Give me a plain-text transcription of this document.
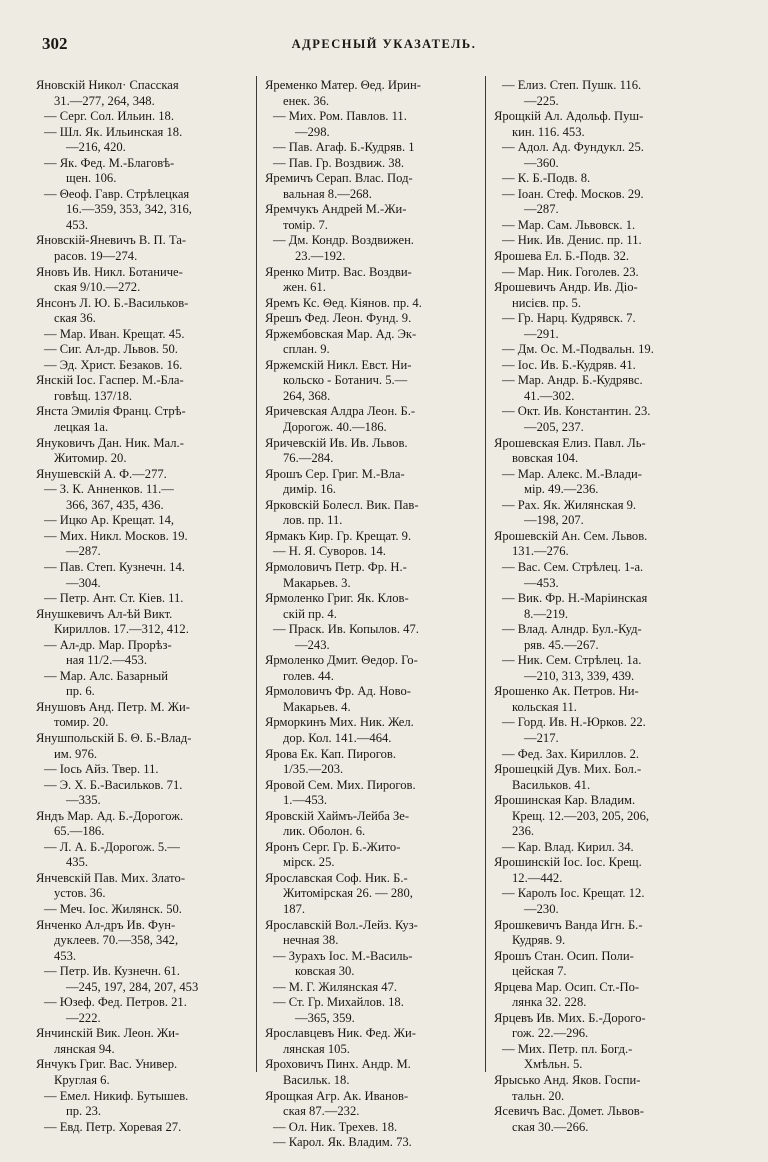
302	АДРЕСНЫЙ УКАЗАТЕЛЬ.

Яновскій Никол· Спасская
31.—277, 264, 348.

— Серг. Сол. Ильин. 18.

— Шл. Як. Ильинская 18.
—216, 420.

— Як. Фед. М.-Благовѣ-
щен. 106.

— Θеоф. Гавр. Стрѣлецкая
16.—359, 353, 342, 316,
453.

Яновскій-Яневичъ В. П. Та-
расов. 19—274.

Яновъ Ив. Никл. Ботаниче-
ская 9/10.—272.

Янсонъ Л. Ю. Б.-Васильков-
ская 36.

— Мар. Иван. Крещат. 45.

— Сиг. Ал-др. Львов. 50.

— Эд. Христ. Безаков. 16.

Янскій Іос. Гаспер. М.-Бла-
говѣщ. 137/18.

Янста Эмилія Франц. Стрѣ-
лецкая 1а.

Януковичъ Дан. Ник. Мал.-
Житомир. 20.

Янушевскій А. Ф.—277.

— З. К. Анненков. 11.—
366, 367, 435, 436.

— Ицко Ар. Крещат. 14,

— Мих. Никл. Москов. 19.
—287.

— Пав. Степ. Кузнечн. 14.
—304.

— Петр. Ант. Ст. Кіев. 11.

Янушкевичъ Ал-ѣй Викт.
Кириллов. 17.—312, 412.

— Ал-др. Мар. Прорѣз-
ная 11/2.—453.

— Мар. Алс. Базарный
пр. 6.

Янушовъ Анд. Петр. М. Жи-
томир. 20.

Янушпольскій Б. Θ. Б.-Влад-
им. 976.

— Іось Айз. Твер. 11.

— Э. Х. Б.-Васильков. 71.
—335.

Яндъ Мар. Ад. Б.-Дорогож.
65.—186.

— Л. А. Б.-Дорогож. 5.—
435.

Янчевскій Пав. Мих. Злато-
устов. 36.

— Меч. Іос. Жилянск. 50.

Янченко Ал-дръ Ив. Фун-
дуклеев. 70.—358, 342,
453.

— Петр. Ив. Кузнечн. 61.
—245, 197, 284, 207, 453

— Юзеф. Фед. Петров. 21.
—222.

Янчинскій Вик. Леон. Жи-
лянская 94.

Янчукъ Григ. Вас. Универ.
Круглая 6.

— Емел. Никиф. Бутышев.
пр. 23.

— Евд. Петр. Хоревая 27.

Яременко Матер. Θед. Ирин-
енек. 36.

— Мих. Ром. Павлов. 11.
—298.

— Пав. Агаф. Б.-Кудряв. 1

— Пав. Гр. Воздвиж. 38.

Яремичъ Серап. Влас. Под-
вальная 8.—268.

Яремчукъ Андрей М.-Жи-
томір. 7.

— Дм. Кондр. Воздвижен.
23.—192.

Яренко Митр. Вас. Воздви-
жен. 61.

Яремъ Кс. Θед. Кіянов. пр. 4.

Ярешъ Фед. Леон. Фунд. 9.

Яржембовская Мар. Ад. Эк-
сплан. 9.

Яржемскій Никл. Евст. Ни-
кольско - Ботанич. 5.—
264, 368.

Яричевская Алдра Леон. Б.-
Дорогож. 40.—186.

Яричевскій Ив. Ив. Львов.
76.—284.

Ярошъ Сер. Григ. М.-Вла-
димір. 16.

Ярковскій Болесл. Вик. Пав-
лов. пр. 11.

Ярмакъ Кир. Гр. Крещат. 9.

— Н. Я. Суворов. 14.

Ярмоловичъ Петр. Фр. Н.-
Макарьев. 3.

Ярмоленко Григ. Як. Клов-
скій пр. 4.

— Праск. Ив. Копылов. 47.
—243.

Ярмоленко Дмит. Θедор. Го-
голев. 44.

Ярмоловичъ Фр. Ад. Ново-
Макарьев. 4.

Ярморкинъ Мих. Ник. Жел.
дор. Кол. 141.—464.

Ярова Ек. Кап. Пирогов.
1/35.—203.

Яровой Сем. Мих. Пирогов.
1.—453.

Яровскій Хаймъ-Лейба Зе-
лик. Оболон. 6.

Яронъ Серг. Гр. Б.-Жито-
мірск. 25.

Ярославская Соф. Ник. Б.-
Житомірская 26. — 280,
187.

Ярославскій Вол.-Лейз. Куз-
нечная 38.

— Зурахъ Іос. М.-Василь-
ковская 30.

— М. Г. Жилянская 47.

— Ст. Гр. Михайлов. 18.
—365, 359.

Ярославцевъ Ник. Фед. Жи-
лянская 105.

Яроховичъ Пинх. Андр. М.
Васильк. 18.

Ярощкая Агр. Ак. Иванов-
ская 87.—232.

— Ол. Ник. Трехев. 18.

— Карол. Як. Владим. 73.

— Елиз. Степ. Пушк. 116.
—225.

Ярощкій Ал. Адольф. Пуш-
кин. 116. 453.

— Адол. Ад. Фундукл. 25.
—360.

— К. Б.-Подв. 8.

— Іоан. Стеф. Москов. 29.
—287.

— Мар. Сам. Львовск. 1.

— Ник. Ив. Денис. пр. 11.

Ярошева Ел. Б.-Подв. 32.

— Мар. Ник. Гоголев. 23.

Ярошевичъ Андр. Ив. Діо-
нисієв. пр. 5.

— Гр. Нарц. Кудрявск. 7.
—291.

— Дм. Ос. М.-Подвальн. 19.

— Іос. Ив. Б.-Кудряв. 41.

— Мар. Андр. Б.-Кудрявс.
41.—302.

— Окт. Ив. Константин. 23.
—205, 237.

Ярошевская Елиз. Павл. Ль-
вовская 104.

— Мар. Алекс. М.-Влади-
мір. 49.—236.

— Рах. Як. Жилянская 9.
—198, 207.

Ярошевскій Ан. Сем. Львов.
131.—276.

— Вас. Сем. Стрѣлец. 1-а.
—453.

— Вик. Фр. Н.-Маріинская
8.—219.

— Влад. Алндр. Бул.-Куд-
ряв. 45.—267.

— Ник. Сем. Стрѣлец. 1а.
—210, 313, 339, 439.

Ярошенко Ак. Петров. Ни-
кольская 11.

— Горд. Ив. Н.-Юрков. 22.
—217.

— Фед. Зах. Кириллов. 2.

Ярошецкій Дув. Мих. Бол.-
Васильков. 41.

Ярошинская Кар. Владим.
Крещ. 12.—203, 205, 206,
236.

— Кар. Влад. Кирил. 34.

Ярошинскій Іос. Іос. Крещ.
12.—442.

— Каролъ Іос. Крещат. 12.
—230.

Ярошкевичъ Ванда Игн. Б.-
Кудряв. 9.

Ярошъ Стан. Осип. Поли-
цейская 7.

Ярцева Мар. Осип. Ст.-По-
лянка 32. 228.

Ярцевъ Ив. Мих. Б.-Дорого-
гож. 22.—296.

— Мих. Петр. пл. Богд.-
Хмѣльн. 5.

Ярысько Анд. Яков. Госпи-
тальн. 20.

Ясевичъ Вас. Домет. Львов-
ская 30.—266.
